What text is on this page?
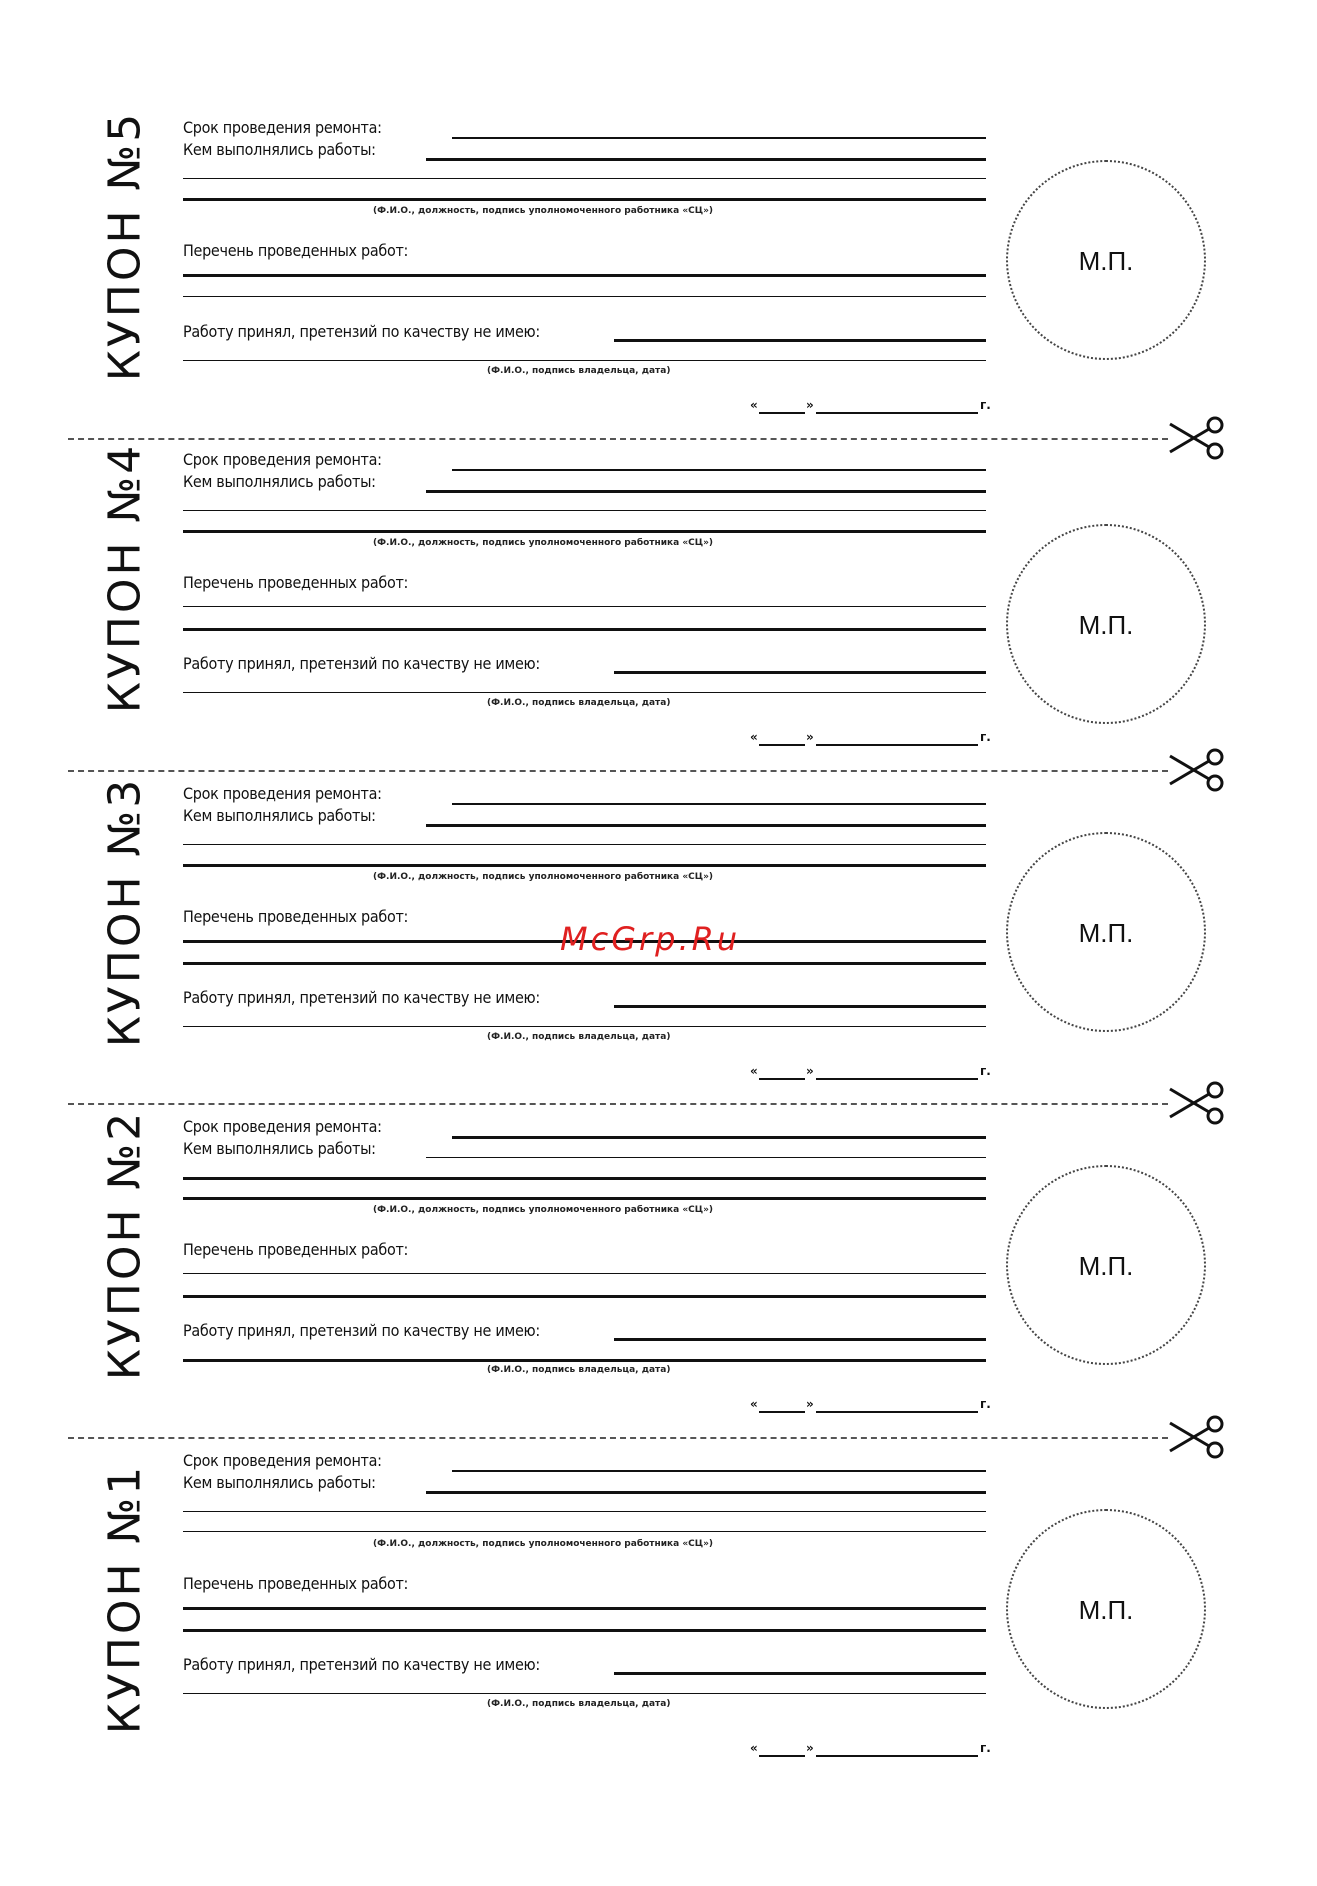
КУПОН №5 Срок проведения ремонта:
Кем выполнялись работы:
(Ф.И.О., должность, подпись уполномоченного работника «СЦ»)
Перечень проведенных работ:
Работу принял, претензий по качеству не имею:
(Ф.И.О., подпись владельца, дата)
М.П.
«	»	г.
КУПОН №4 Срок проведения ремонта:
Кем выполнялись работы:
(Ф.И.О., должность, подпись уполномоченного работника «СЦ»)
Перечень проведенных работ:
Работу принял, претензий по качеству не имею:
(Ф.И.О., подпись владельца, дата)
М.П.
«	»	г.
КУПОН №3 Срок проведения ремонта:
Кем выполнялись работы:
(Ф.И.О., должность, подпись уполномоченного работника «СЦ»)
Перечень проведенных работ:
Работу принял, претензий по качеству не имею:
(Ф.И.О., подпись владельца, дата)
М.П.
«	»	г.
КУПОН №2 Срок проведения ремонта:
Кем выполнялись работы:
(Ф.И.О., должность, подпись уполномоченного работника «СЦ»)
Перечень проведенных работ:
Работу принял, претензий по качеству не имею:
(Ф.И.О., подпись владельца, дата)
М.П.
«	»	г.
КУПОН №1
Срок проведения ремонта:
Кем выполнялись работы:
(Ф.И.О., должность, подпись уполномоченного работника «СЦ»)
Перечень проведенных работ:
Работу принял, претензий по качеству не имею:
(Ф.И.О., подпись владельца, дата)
М.П.
«	»	г.
McGrp.Ru
